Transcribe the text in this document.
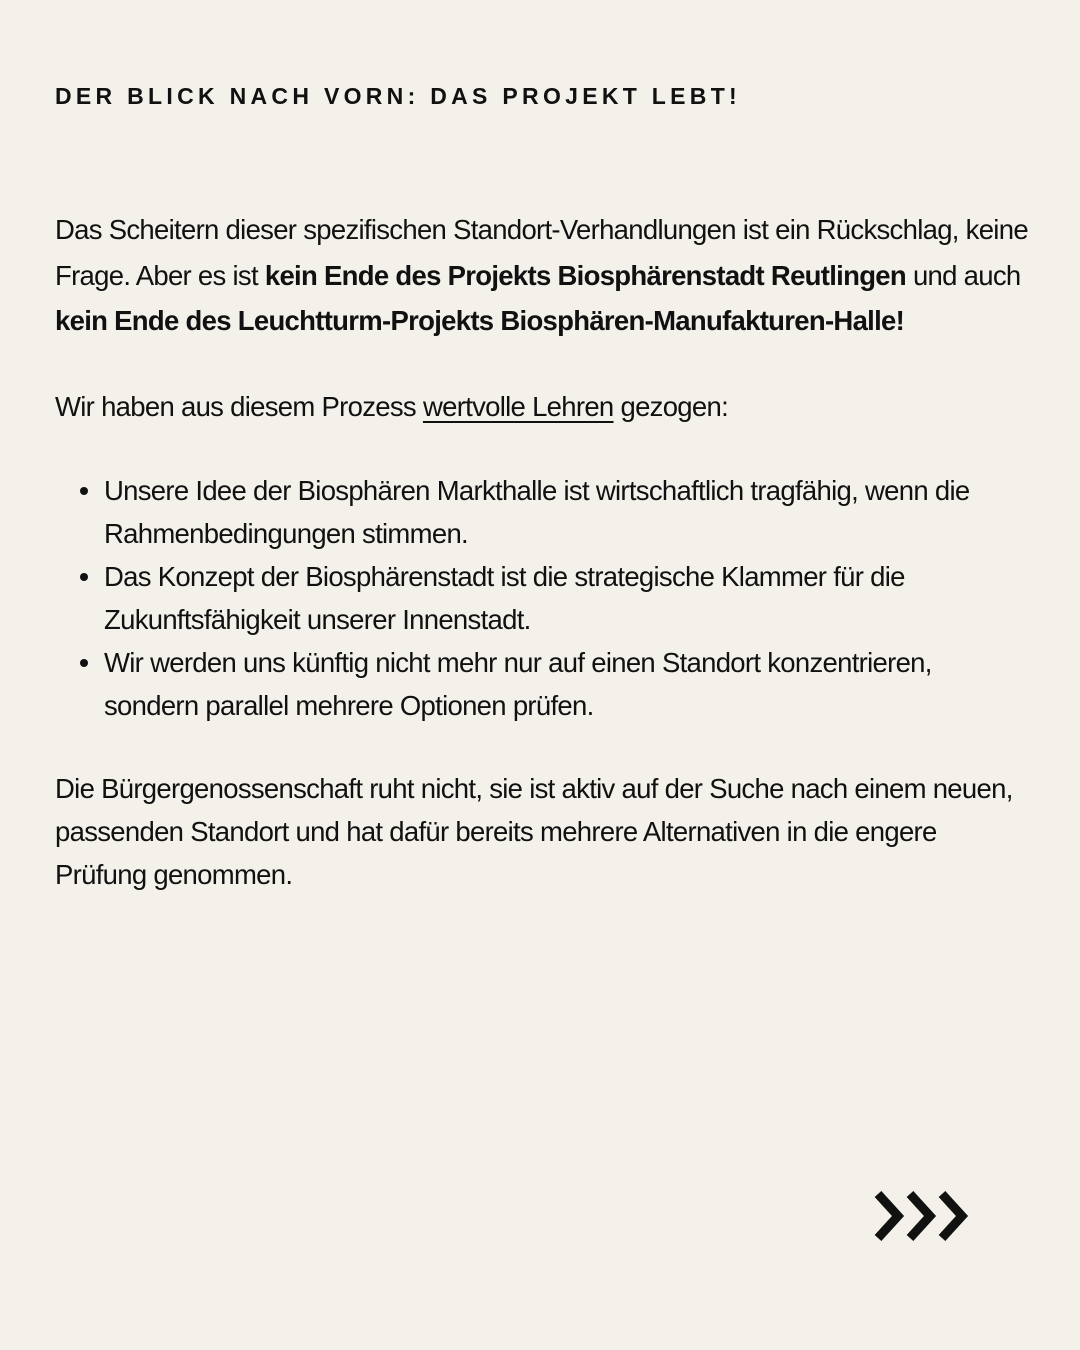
DER BLICK NACH VORN: DAS PROJEKT LEBT!

Das Scheitern dieser spezifischen Standort-Verhandlungen ist ein Rückschlag, keine Frage. Aber es ist kein Ende des Projekts Biosphärenstadt Reutlingen und auch kein Ende des Leuchtturm-Projekts Biosphären-Manufakturen-Halle!

Wir haben aus diesem Prozess wertvolle Lehren gezogen:

Unsere Idee der Biosphären Markthalle ist wirtschaftlich tragfähig, wenn die Rahmenbedingungen stimmen.
Das Konzept der Biosphärenstadt ist die strategische Klammer für die Zukunftsfähigkeit unserer Innenstadt.
Wir werden uns künftig nicht mehr nur auf einen Standort konzentrieren, sondern parallel mehrere Optionen prüfen.

Die Bürgergenossenschaft ruht nicht, sie ist aktiv auf der Suche nach einem neuen, passenden Standort und hat dafür bereits mehrere Alternativen in die engere Prüfung genommen.
